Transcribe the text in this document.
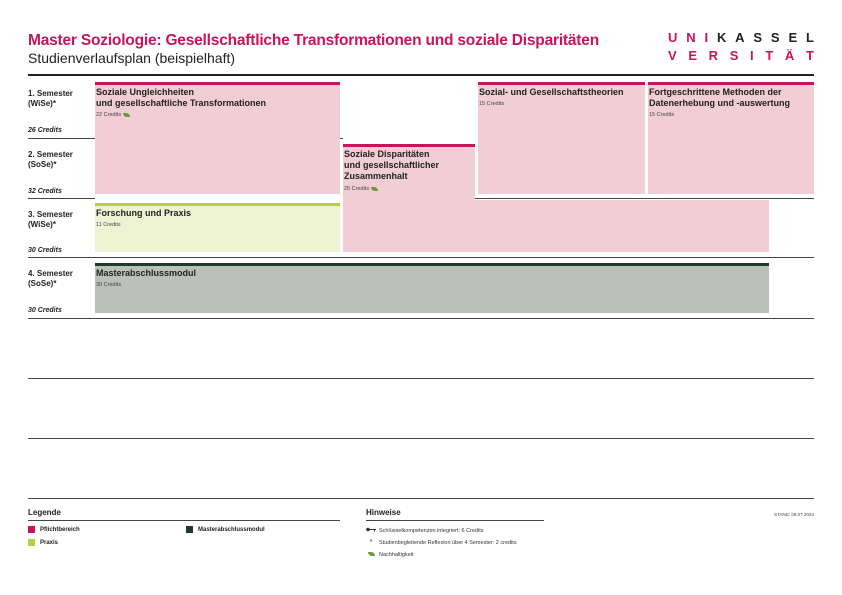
Master Soziologie: Gesellschaftliche Transformationen und soziale Disparitäten
Studienverlaufsplan (beispielhaft)
U N I K A S S E L
V E R S I T Ä T
Soziale Ungleichheiten
und gesellschaftliche Transformationen
22 Credits
Soziale Disparitäten
und gesellschaftlicher
Zusammenhalt
25 Credits
Sozial- und Gesellschaftstheorien
15 Credits
Fortgeschrittene Methoden der
Datenerhebung und -auswertung
15 Credits
Forschung und Praxis
11 Credits
Masterabschlussmodul
30 Credits
1. Semester
(WiSe)*
26 Credits
2. Semester
(SoSe)*
32 Credits
3. Semester
(WiSe)*
30 Credits
4. Semester
(SoSe)*
30 Credits
Legende	Hinweise
Pflichtbereich
Praxis
Masterabschlussmodul	Schlüsselkompetenzen integriert: 6 Credits
*	Studienbegleitende Reflexion über 4 Semester: 2 credits
Nachhaltigkeit
STAND: 08.07.2024
